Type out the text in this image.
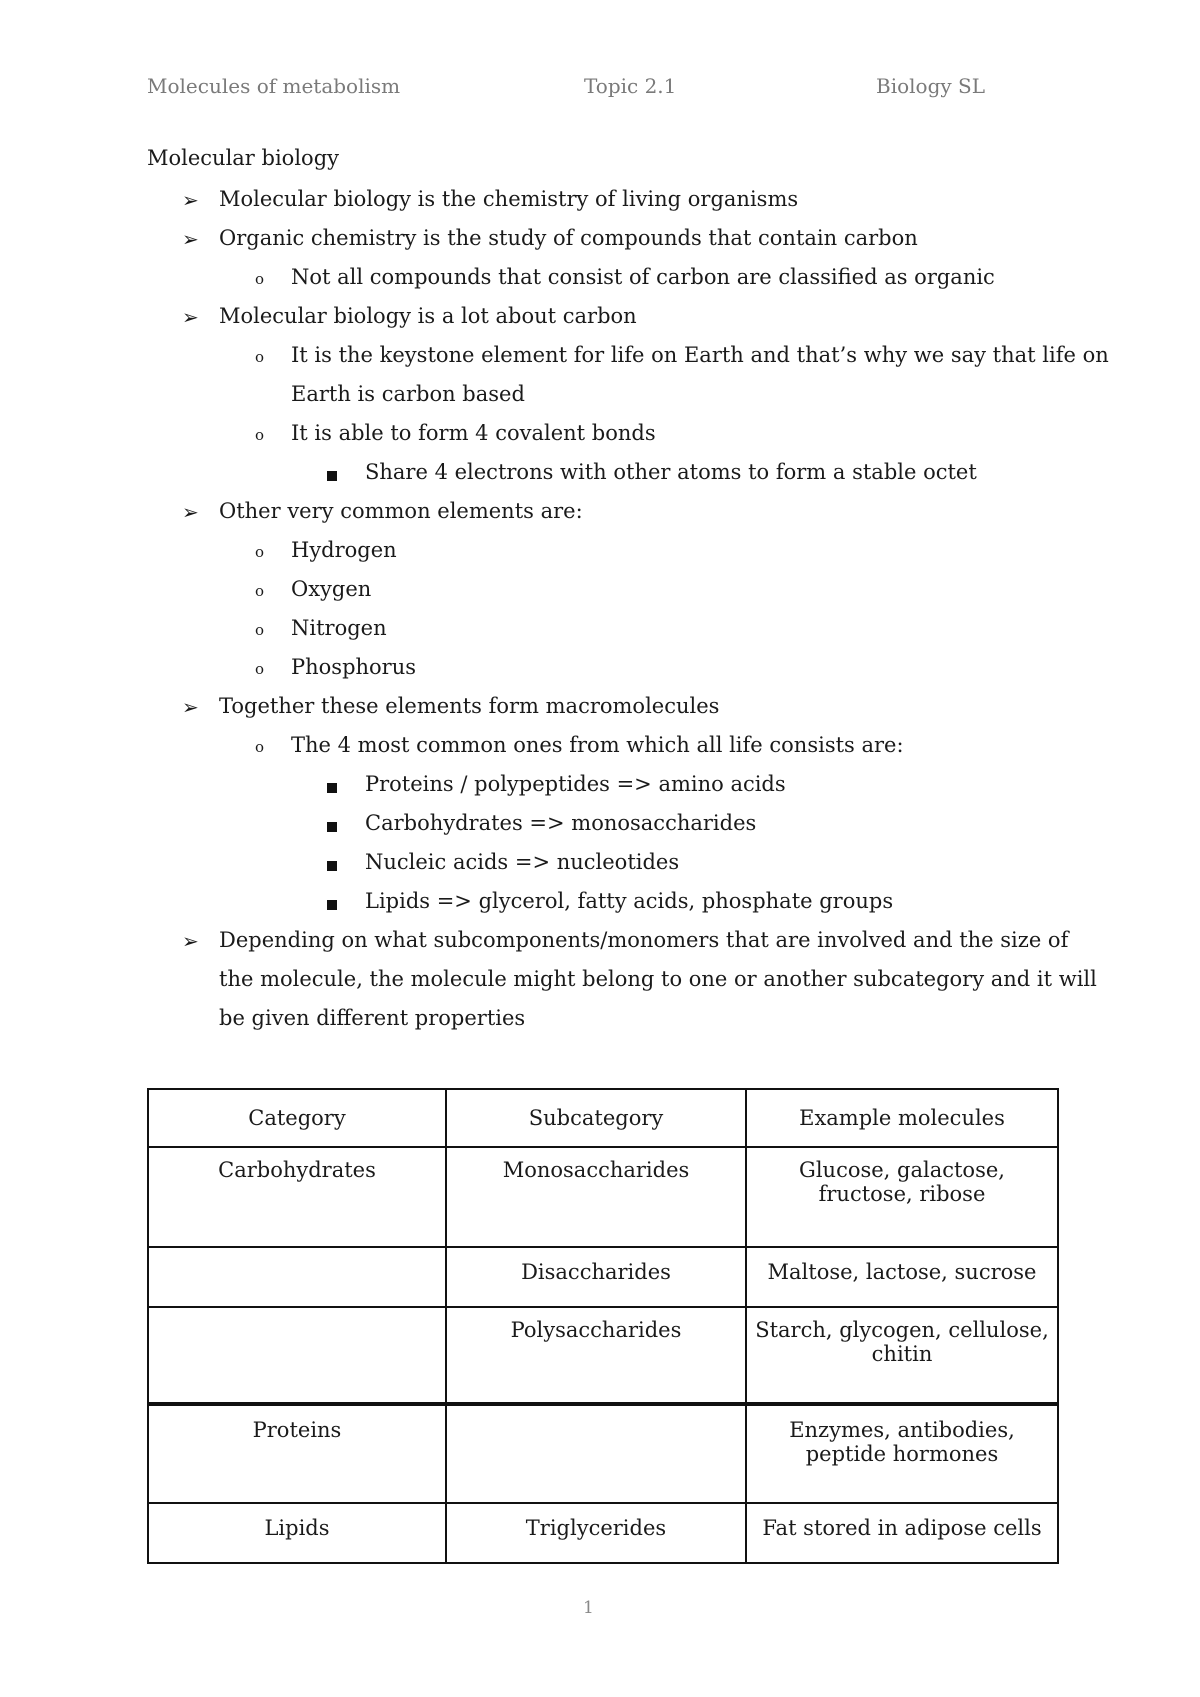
Molecules of metabolism	Topic 2.1	Biology SL
Molecular biology
➢ Molecular biology is the chemistry of living organisms
➢ Organic chemistry is the study of compounds that contain carbon
o Not all compounds that consist of carbon are classified as organic
➢ Molecular biology is a lot about carbon
o It is the keystone element for life on Earth and that’s why we say that life on
Earth is carbon based
o It is able to form 4 covalent bonds
Share 4 electrons with other atoms to form a stable octet
➢ Other very common elements are:
o Hydrogen
o Oxygen
o Nitrogen
o Phosphorus
➢ Together these elements form macromolecules
o The 4 most common ones from which all life consists are:
Proteins / polypeptides => amino acids
Carbohydrates => monosaccharides
Nucleic acids => nucleotides
Lipids => glycerol, fatty acids, phosphate groups
➢ Depending on what subcomponents/monomers that are involved and the size of
the molecule, the molecule might belong to one or another subcategory and it will
be given different properties
Category	Subcategory	Example molecules
Carbohydrates	Monosaccharides	Glucose, galactose, fructose, ribose
	Disaccharides	Maltose, lactose, sucrose
	Polysaccharides	Starch, glycogen, cellulose, chitin
Proteins		Enzymes, antibodies, peptide hormones
Lipids	Triglycerides	Fat stored in adipose cells
1
